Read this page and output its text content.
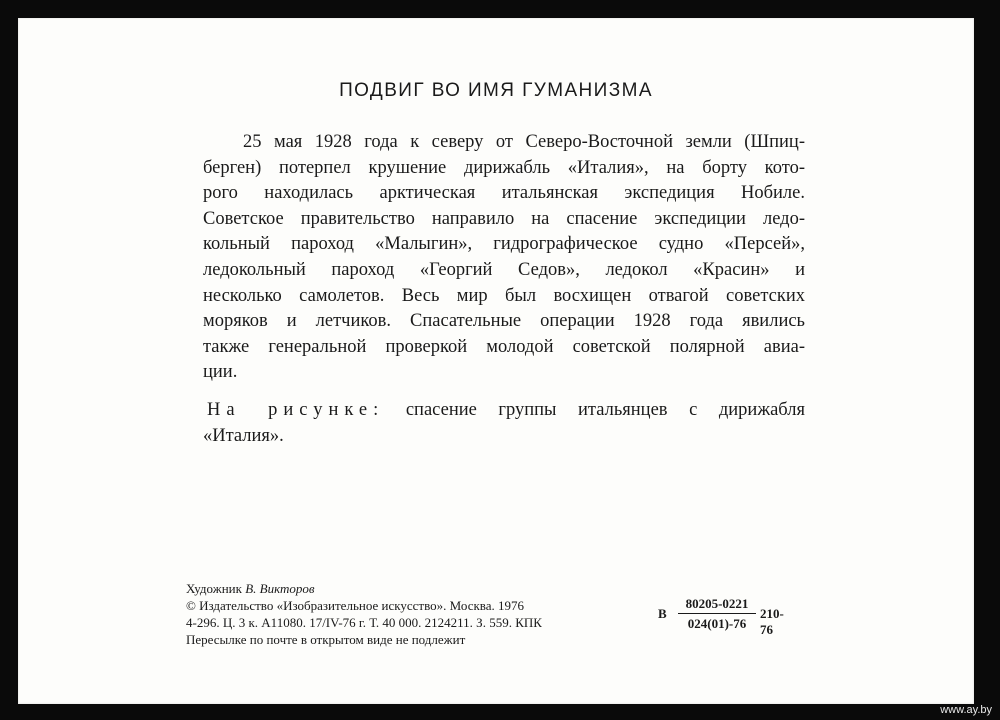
ПОДВИГ ВО ИМЯ ГУМАНИЗМА
25 мая 1928 года к северу от Северо-Восточной земли (Шпиц-
берген) потерпел крушение дирижабль «Италия», на борту кото-
рого находилась арктическая итальянская экспедиция Нобиле.
Советское правительство направило на спасение экспедиции ледо-
кольный пароход «Малыгин», гидрографическое судно «Персей»,
ледокольный пароход «Георгий Седов», ледокол «Красин» и
несколько самолетов. Весь мир был восхищен отвагой советских
моряков и летчиков. Спасательные операции 1928 года явились
также генеральной проверкой молодой советской полярной авиа-
ции.
На рисунке: спасение группы итальянцев с дирижабля
«Италия».
Художник В. Викторов
© Издательство «Изобразительное искусство». Москва. 1976
4-296. Ц. 3 к. А11080. 17/IV-76 г. Т. 40 000. 2124211. З. 559. КПК
Пересылке по почте в открытом виде не подлежит
В
80205-0221
024(01)-76
210-76
www.ay.by
